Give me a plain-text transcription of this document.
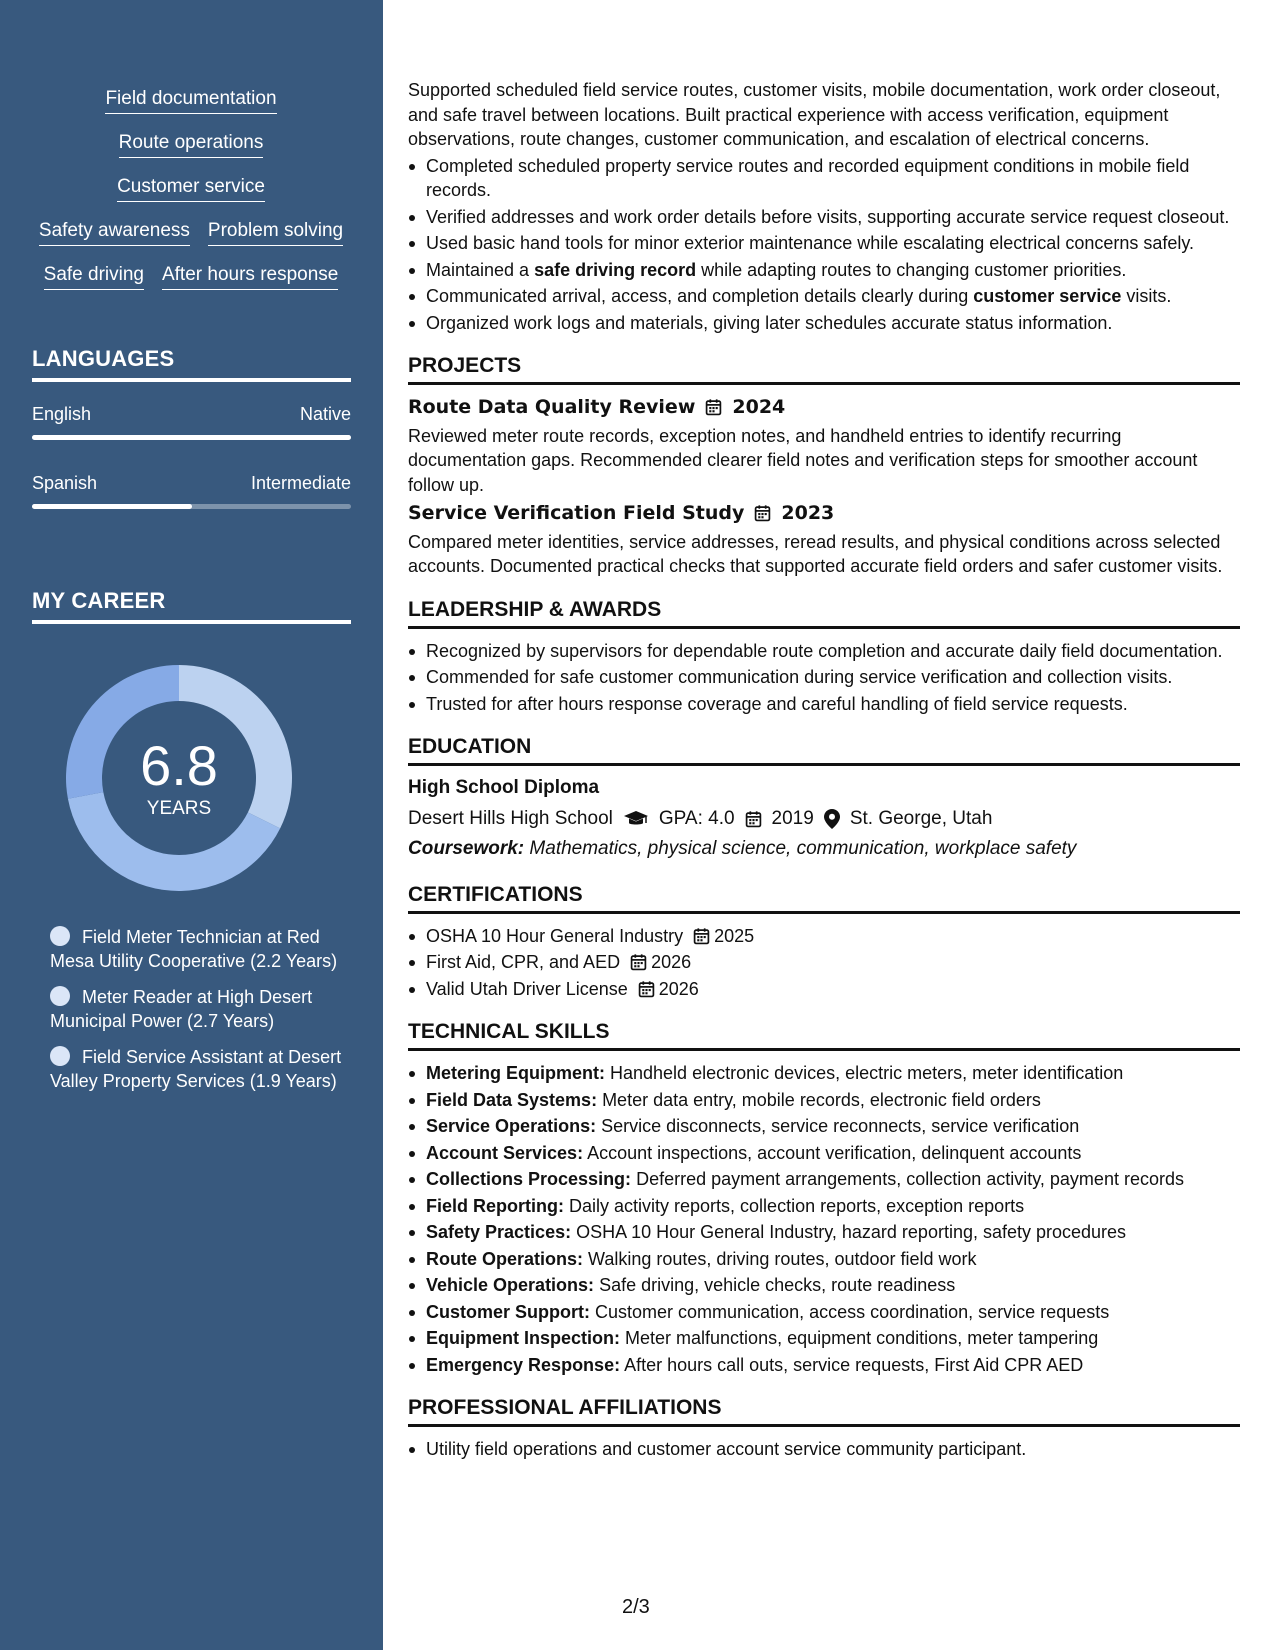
Field documentation
Route operations
Customer service
Safety awareness Problem solving
Safe driving After hours response
LANGUAGES
English	Native
Spanish	Intermediate
MY CAREER
6.8
YEARS
Field Meter Technician at Red Mesa Utility Cooperative (2.2 Years)
Meter Reader at High Desert Municipal Power (2.7 Years)
Field Service Assistant at Desert Valley Property Services (1.9 Years)

Supported scheduled field service routes, customer visits, mobile documentation, work order closeout, and safe travel between locations. Built practical experience with access verification, equipment observations, route changes, customer communication, and escalation of electrical concerns.

Completed scheduled property service routes and recorded equipment conditions in mobile field records.
Verified addresses and work order details before visits, supporting accurate service request closeout.
Used basic hand tools for minor exterior maintenance while escalating electrical concerns safely.
Maintained a safe driving record while adapting routes to changing customer priorities.
Communicated arrival, access, and completion details clearly during customer service visits.
Organized work logs and materials, giving later schedules accurate status information.
PROJECTS
Route Data Quality Review 2024

Reviewed meter route records, exception notes, and handheld entries to identify recurring documentation gaps. Recommended clearer field notes and verification steps for smoother account follow up.

Service Verification Field Study 2023

Compared meter identities, service addresses, reread results, and physical conditions across selected accounts. Documented practical checks that supported accurate field orders and safer customer visits.

LEADERSHIP & AWARDS
Recognized by supervisors for dependable route completion and accurate daily field documentation.
Commended for safe customer communication during service verification and collection visits.
Trusted for after hours response coverage and careful handling of field service requests.
EDUCATION
High School Diploma
Desert Hills High School GPA: 4.0 2019 St. George, Utah
Coursework: Mathematics, physical science, communication, workplace safety
CERTIFICATIONS
OSHA 10 Hour General Industry 2025
First Aid, CPR, and AED 2026
Valid Utah Driver License 2026
TECHNICAL SKILLS
Metering Equipment: Handheld electronic devices, electric meters, meter identification
Field Data Systems: Meter data entry, mobile records, electronic field orders
Service Operations: Service disconnects, service reconnects, service verification
Account Services: Account inspections, account verification, delinquent accounts
Collections Processing: Deferred payment arrangements, collection activity, payment records
Field Reporting: Daily activity reports, collection reports, exception reports
Safety Practices: OSHA 10 Hour General Industry, hazard reporting, safety procedures
Route Operations: Walking routes, driving routes, outdoor field work
Vehicle Operations: Safe driving, vehicle checks, route readiness
Customer Support: Customer communication, access coordination, service requests
Equipment Inspection: Meter malfunctions, equipment conditions, meter tampering
Emergency Response: After hours call outs, service requests, First Aid CPR AED
PROFESSIONAL AFFILIATIONS
Utility field operations and customer account service community participant.
2/3
